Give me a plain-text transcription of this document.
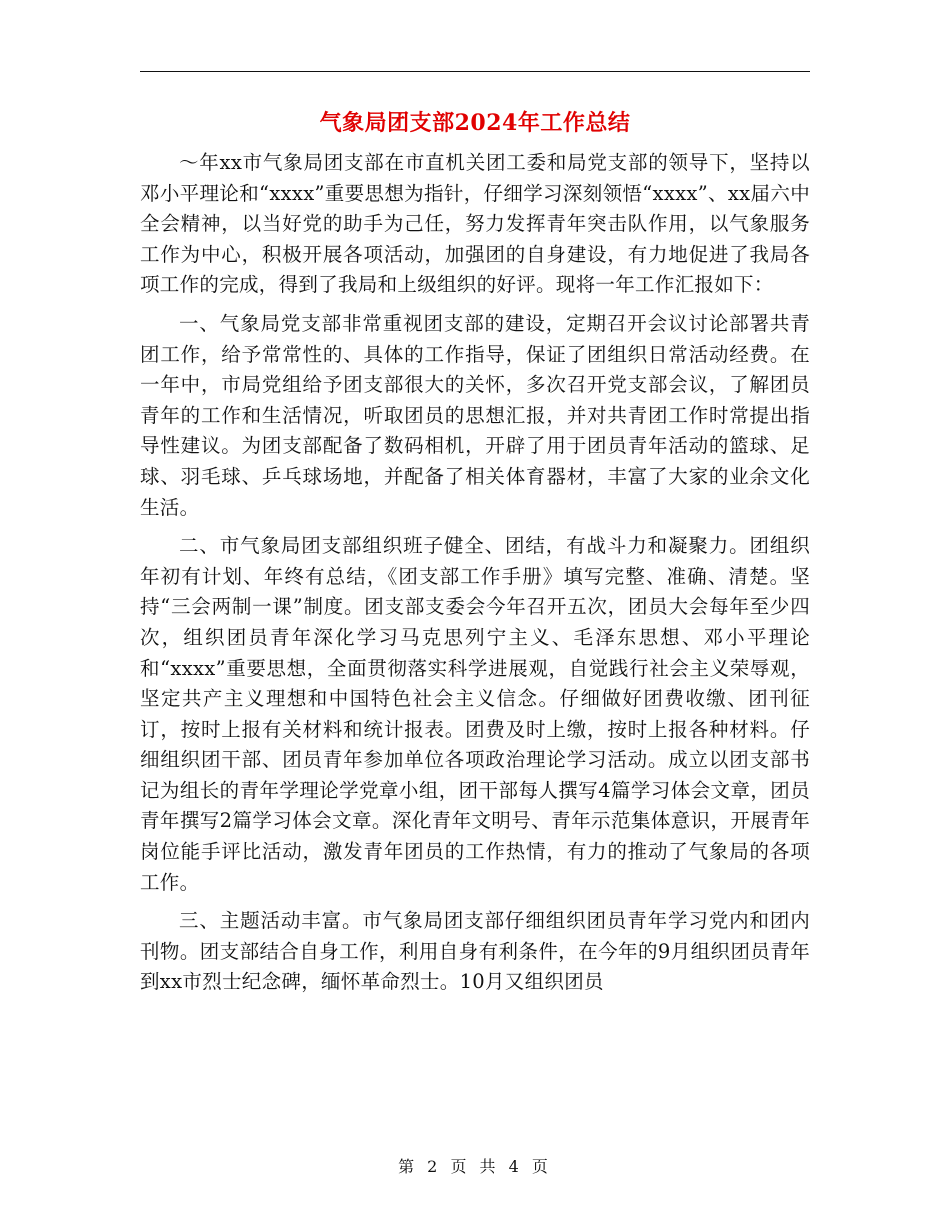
气象局团支部2024年工作总结

～年xx市气象局团支部在市直机关团工委和局党支部的领导下，坚持以邓小平理论和“xxxx”重要思想为指针，仔细学习深刻领悟“xxxx”、xx届六中全会精神，以当好党的助手为己任，努力发挥青年突击队作用，以气象服务工作为中心，积极开展各项活动，加强团的自身建设，有力地促进了我局各项工作的完成，得到了我局和上级组织的好评。现将一年工作汇报如下：

一、气象局党支部非常重视团支部的建设，定期召开会议讨论部署共青团工作，给予常常性的、具体的工作指导，保证了团组织日常活动经费。在一年中，市局党组给予团支部很大的关怀，多次召开党支部会议，了解团员青年的工作和生活情况，听取团员的思想汇报，并对共青团工作时常提出指导性建议。为团支部配备了数码相机，开辟了用于团员青年活动的篮球、足球、羽毛球、乒乓球场地，并配备了相关体育器材，丰富了大家的业余文化生活。

二、市气象局团支部组织班子健全、团结，有战斗力和凝聚力。团组织年初有计划、年终有总结，《团支部工作手册》填写完整、准确、清楚。坚持“三会两制一课”制度。团支部支委会今年召开五次，团员大会每年至少四次，组织团员青年深化学习马克思列宁主义、毛泽东思想、邓小平理论和“xxxx”重要思想，全面贯彻落实科学进展观，自觉践行社会主义荣辱观，坚定共产主义理想和中国特色社会主义信念。仔细做好团费收缴、团刊征订，按时上报有关材料和统计报表。团费及时上缴，按时上报各种材料。仔细组织团干部、团员青年参加单位各项政治理论学习活动。成立以团支部书记为组长的青年学理论学党章小组，团干部每人撰写4篇学习体会文章，团员青年撰写2篇学习体会文章。深化青年文明号、青年示范集体意识，开展青年岗位能手评比活动，激发青年团员的工作热情，有力的推动了气象局的各项工作。

三、主题活动丰富。市气象局团支部仔细组织团员青年学习党内和团内刊物。团支部结合自身工作，利用自身有利条件，在今年的9月组织团员青年到xx市烈士纪念碑，缅怀革命烈士。10月又组织团员

第 2 页 共 4 页
